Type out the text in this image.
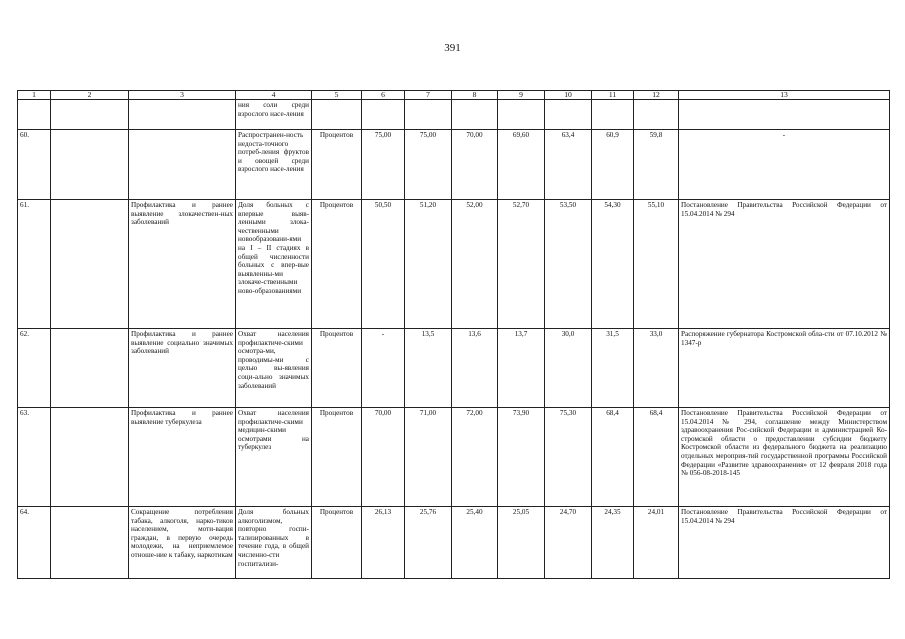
391
1	2	3	4	5	6	7	8	9	10	11	12	13
			ния соли среди взрослого насе-ления									
60.			Распространен-ность недоста-точного потреб-ления фруктов и овощей среди взрослого насе-ления	Процентов	75,00	75,00	70,00	69,60	63,4	60,9	59,8	-
61.		Профилактика и раннее выявление злокачествен-ных заболеваний	Доля больных с впервые выяв-ленными злока-чественными новообразовани-ями на I – II стадиях в общей численности больных с впер-вые выявленны-ми злокаче-ственными ново-образованиями	Процентов	50,50	51,20	52,00	52,70	53,50	54,30	55,10	Постановление Правительства Российской Федерации от 15.04.2014 № 294
62.		Профилактика и раннее выявление социально значимых заболеваний	Охват населения профилактиче-скими осмотра-ми, проводимы-ми с целью вы-явления соци-ально значимых заболеваний	Процентов	-	13,5	13,6	13,7	30,0	31,5	33,0	Распоряжение губернатора Костромской обла-сти от 07.10.2012 № 1347-р
63.		Профилактика и раннее выявление туберкулеза	Охват населения профилактиче-скими медицин-скими осмотрами на туберкулез	Процентов	70,00	71,00	72,00	73,90	75,30	68,4	68,4	Постановление Правительства Российской Федерации от 15.04.2014 № 294, соглашение между Министерством здравоохранения Рос-сийской Федерации и администрацией Ко-стромской области о предоставлении субсидии бюджету Костромской области из федерального бюджета на реализацию отдельных мероприя-тий государственной программы Российской Федерации «Развитие здравоохранения» от 12 февраля 2018 года № 056-08-2018-145
64.		Сокращение потребления табака, алкоголя, нарко-тиков населением, моти-вация граждан, в первую очередь молодежи, на неприемлемое отноше-ние к табаку, наркотикам	Доля больных алкоголизмом, повторно госпи-тализированных в течение года, в общей численно-сти госпитализи-	Процентов	26,13	25,76	25,40	25,05	24,70	24,35	24,01	Постановление Правительства Российской Федерации от 15.04.2014 № 294
